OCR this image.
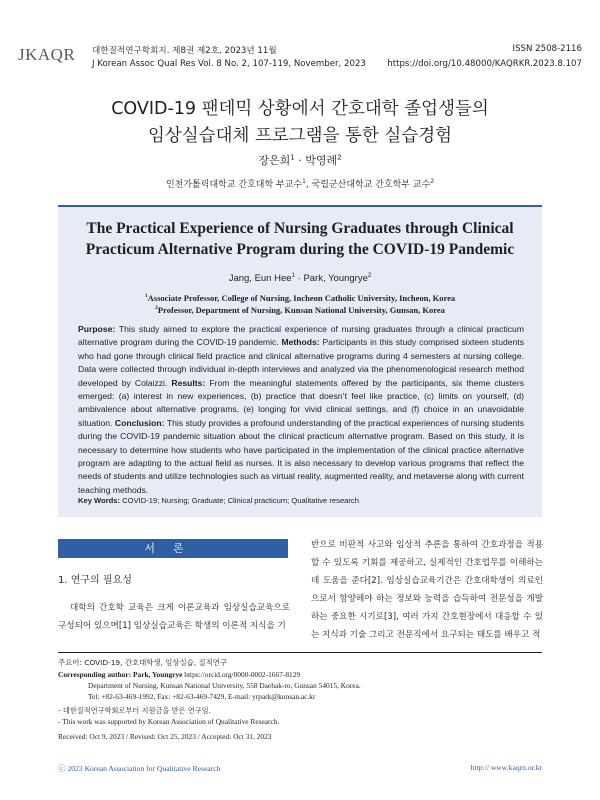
JKAQR 대한질적연구학회지. 제8권 제2호, 2023년 11월
J Korean Assoc Qual Res Vol. 8 No. 2, 107-119, November, 2023
ISSN 2508-2116
https://doi.org/10.48000/KAQRKR.2023.8.107
COVID-19 팬데믹 상황에서 간호대학 졸업생들의
임상실습대체 프로그램을 통한 실습경험
장은희$^1$ · 박영례$^2$
인천가톨릭대학교 간호대학 부교수$^1$, 국립군산대학교 간호학부 교수$^2$
The Practical Experience of Nursing Graduates through Clinical
Practicum Alternative Program during the COVID-19 Pandemic
Jang, Eun Hee$^1$ · Park, Youngrye$^2$
$^1$Associate Professor, College of Nursing, Incheon Catholic University, Incheon, Korea
$^2$Professor, Department of Nursing, Kunsan National University, Gunsan, Korea
Purpose: This study aimed to explore the practical experience of nursing graduates through a clinical practicum alternative program during the COVID-19 pandemic. Methods: Participants in this study comprised sixteen students who had gone through clinical field practice and clinical alternative programs during 4 semesters at nursing college. Data were collected through individual in-depth interviews and analyzed via the phenomenological research method developed by Colaizzi. Results: From the meaningful statements offered by the participants, six theme clusters emerged: (a) interest in new experiences, (b) practice that doesn’t feel like practice, (c) limits on yourself, (d) ambivalence about alternative programs, (e) longing for vivid clinical settings, and (f) choice in an unavoidable situation. Conclusion: This study provides a profound understanding of the practical experiences of nursing students during the COVID-19 pandemic situation about the clinical practicum alternative program. Based on this study, it is necessary to determine how students who have participated in the implementation of the clinical practice alternative program are adapting to the actual field as nurses. It is also necessary to develop various programs that reflect the needs of students and utilize technologies such as virtual reality, augmented reality, and metaverse along with current teaching methods.
Key Words: COVID-19; Nursing; Graduate; Clinical practicum; Qualitative research
서론
1. 연구의 필요성
대학의 간호학 교육은 크게 이론교육과 임상실습교육으로 구성되어 있으며[1] 임상실습교육은 학생의 이론적 지식을 기
반으로 비판적 사고와 임상적 추론을 통하여 간호과정을 적용할 수 있도록 기회를 제공하고, 실제적인 간호업무를 이해하는 데 도움을 준다[2]. 임상실습교육기간은 간호대학생이 의료인으로서 함양해야 하는 정보와 능력을 습득하여 전문성을 개발하는 중요한 시기로[3], 여러 가지 간호현장에서 대응할 수 있는 지식과 기술 그리고 전문직에서 요구되는 태도를 배우고 적
주요어: COVID-19, 간호대학생, 임상실습, 질적연구
Corresponding author: Park, Youngrye https://orcid.org/0000-0002-1667-8129
Department of Nursing, Kunsan National University, 558 Daehak-ro, Gunsan 54015, Korea.
Tel: +82-63-469-1992, Fax: +82-63-469-7429, E-mail: yrpark@kunsan.ac.kr
- 대한질적연구학회로부터 지원금을 받은 연구임.
- This work was supported by Korean Association of Qualitative Research.
Received: Oct 9, 2023 / Revised: Oct 25, 2023 / Accepted: Oct 31, 2023
ⓒ 2023 Korean Association for Qualitative Research	http:// www.kaqrn.or.kr
